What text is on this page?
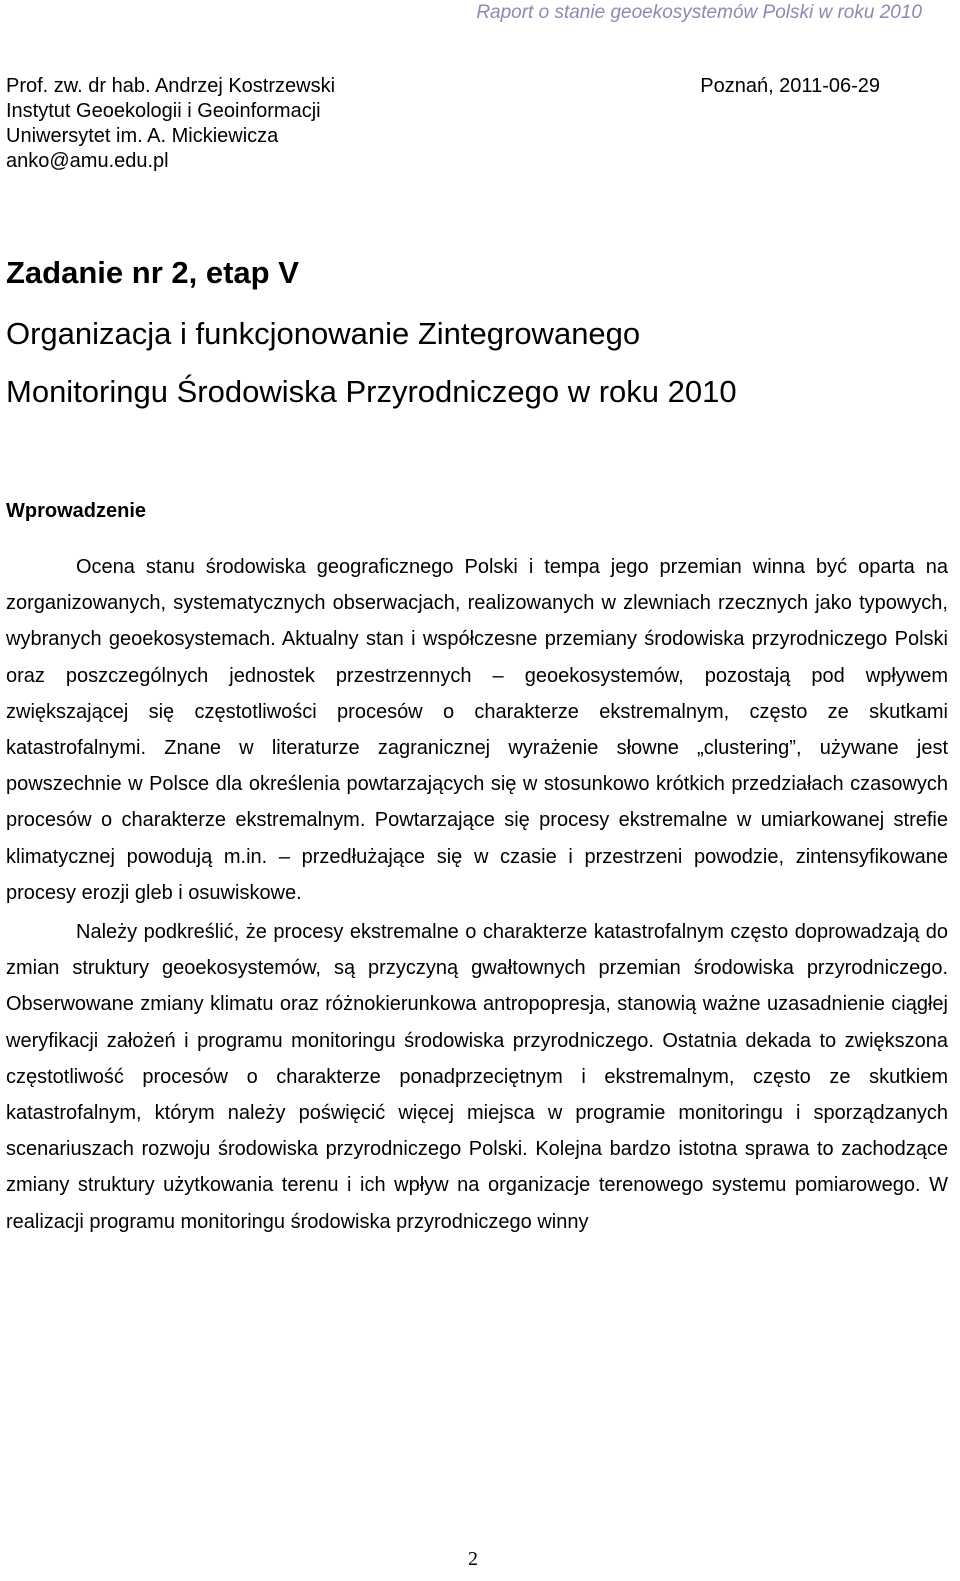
Raport o stanie geoekosystemów Polski w roku 2010
Prof. zw. dr hab. Andrzej Kostrzewski
Instytut Geoekologii i Geoinformacji
Uniwersytet im. A. Mickiewicza
anko@amu.edu.pl
Poznań, 2011-06-29
Zadanie nr 2, etap V
Organizacja i funkcjonowanie Zintegrowanego
Monitoringu Środowiska Przyrodniczego w roku 2010
Wprowadzenie

Ocena stanu środowiska geograficznego Polski i tempa jego przemian winna być oparta na zorganizowanych, systematycznych obserwacjach, realizowanych w zlewniach rzecznych jako typowych, wybranych geoekosystemach. Aktualny stan i współczesne przemiany środowiska przyrodniczego Polski oraz poszczególnych jednostek przestrzennych – geoekosystemów, pozostają pod wpływem zwiększającej się częstotliwości procesów o charakterze ekstremalnym, często ze skutkami katastrofalnymi. Znane w literaturze zagranicznej wyrażenie słowne „clustering”, używane jest powszechnie w Polsce dla określenia powtarzających się w stosunkowo krótkich przedziałach czasowych procesów o charakterze ekstremalnym. Powtarzające się procesy ekstremalne w umiarkowanej strefie klimatycznej powodują m.in. – przedłużające się w czasie i przestrzeni powodzie, zintensyfikowane procesy erozji gleb i osuwiskowe.

Należy podkreślić, że procesy ekstremalne o charakterze katastrofalnym często doprowadzają do zmian struktury geoekosystemów, są przyczyną gwałtownych przemian środowiska przyrodniczego. Obserwowane zmiany klimatu oraz różnokierunkowa antropopresja, stanowią ważne uzasadnienie ciągłej weryfikacji założeń i programu monitoringu środowiska przyrodniczego. Ostatnia dekada to zwiększona częstotliwość procesów o charakterze ponadprzeciętnym i ekstremalnym, często ze skutkiem katastrofalnym, którym należy poświęcić więcej miejsca w programie monitoringu i sporządzanych scenariuszach rozwoju środowiska przyrodniczego Polski. Kolejna bardzo istotna sprawa to zachodzące zmiany struktury użytkowania terenu i ich wpływ na organizacje terenowego systemu pomiarowego. W realizacji programu monitoringu środowiska przyrodniczego winny

2
